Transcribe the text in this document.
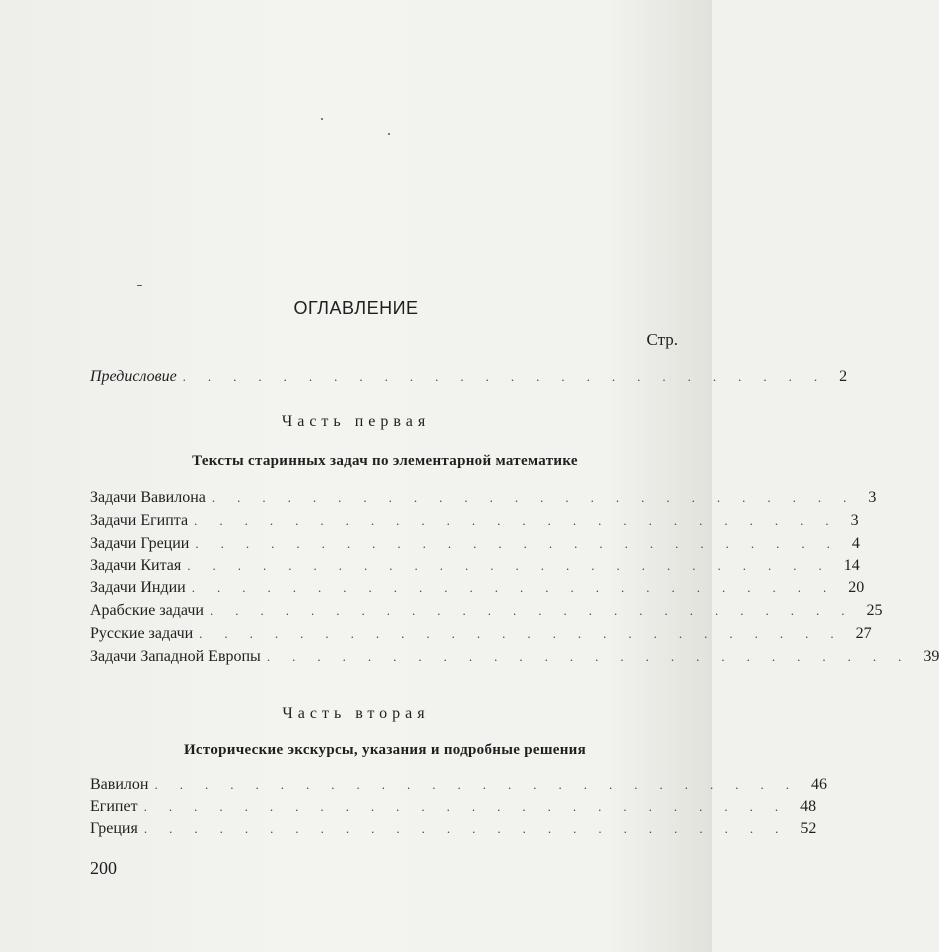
ОГЛАВЛЕНИЕ
Стр.
Предисловие .......................... 2
Часть первая
Тексты старинных задач по элементарной математике
Задачи Вавилона .......................... 3
Задачи Египта .......................... 3
Задачи Греции .......................... 4
Задачи Китая .......................... 14
Задачи Индии .......................... 20
Арабские задачи .......................... 25
Русские задачи .......................... 27
Задачи Западной Европы .......................... 39
Часть вторая
Исторические экскурсы, указания и подробные решения
Вавилон .......................... 46
Египет .......................... 48
Греция .......................... 52
200
